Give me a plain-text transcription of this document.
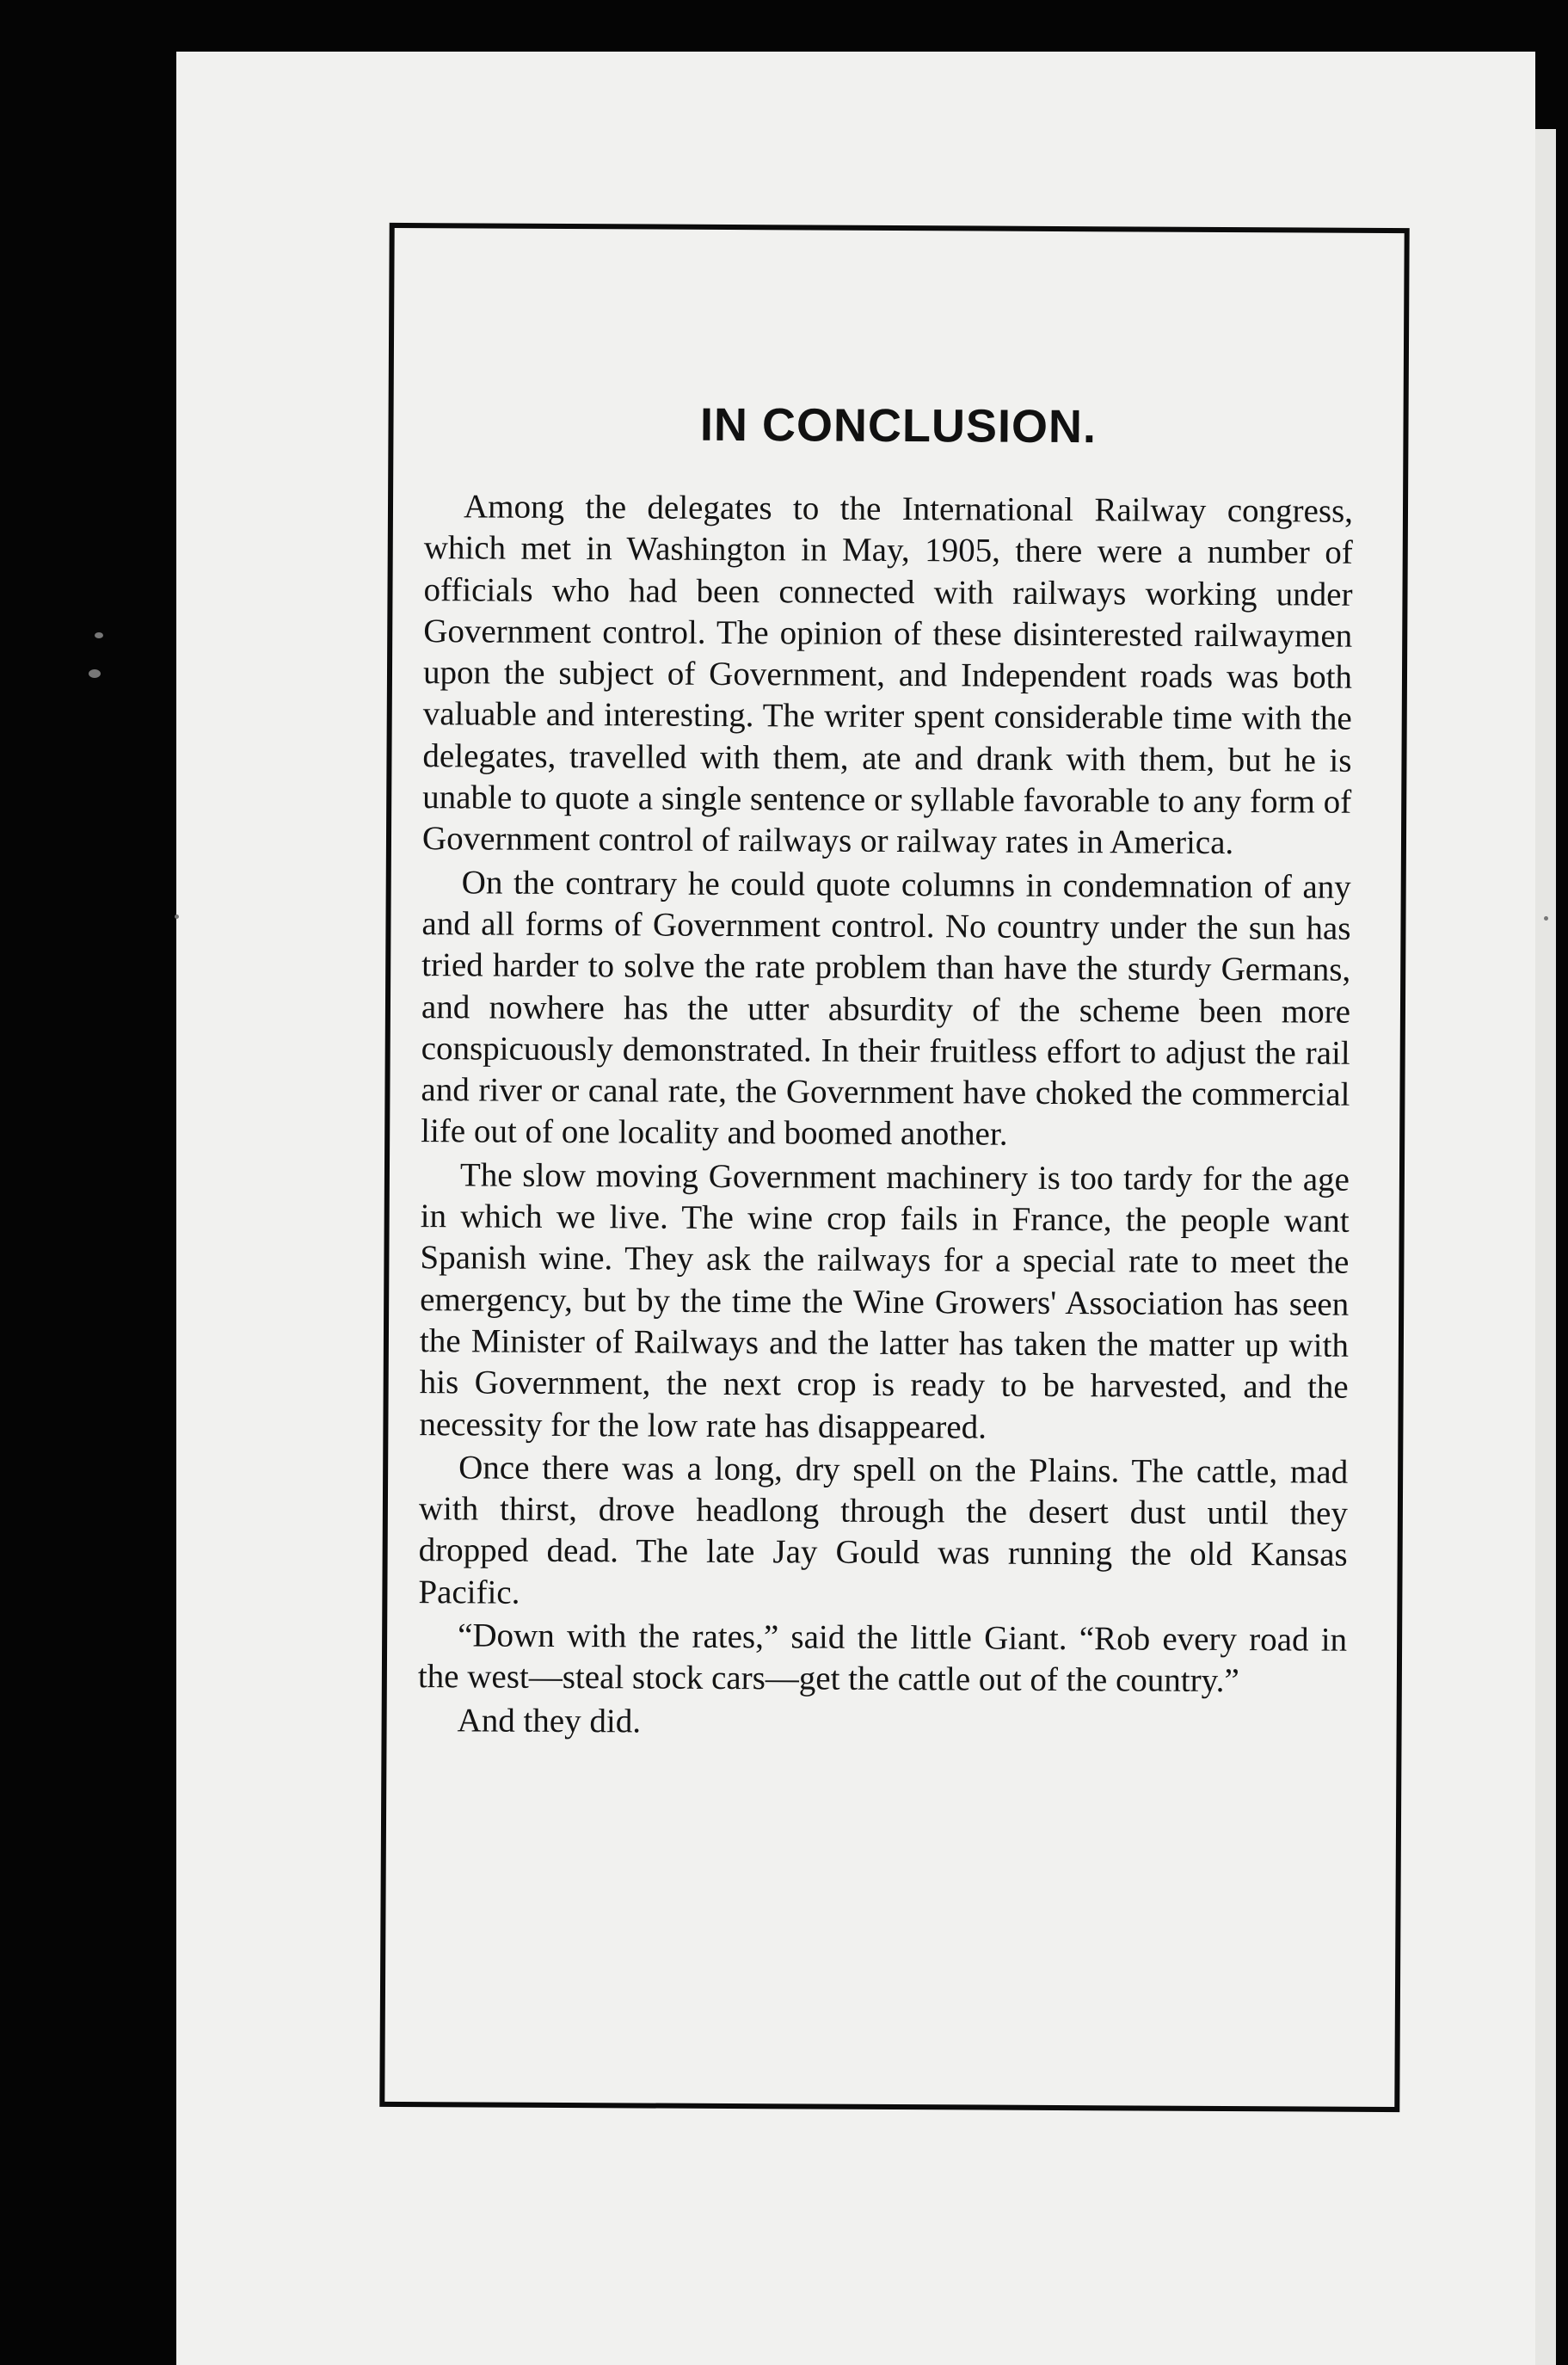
IN CONCLUSION.

Among the delegates to the International Railway congress, which met in Washington in May, 1905, there were a number of officials who had been connected with railways working under Government control. The opinion of these disinterested railwaymen upon the subject of Government, and Independent roads was both valuable and interesting. The writer spent considerable time with the delegates, travelled with them, ate and drank with them, but he is unable to quote a single sentence or syllable favorable to any form of Government control of railways or railway rates in America.

On the contrary he could quote columns in condemnation of any and all forms of Government control. No country under the sun has tried harder to solve the rate problem than have the sturdy Germans, and nowhere has the utter absurdity of the scheme been more conspicuously demonstrated. In their fruitless effort to adjust the rail and river or canal rate, the Government have choked the commercial life out of one locality and boomed another.

The slow moving Government machinery is too tardy for the age in which we live. The wine crop fails in France, the people want Spanish wine. They ask the railways for a special rate to meet the emergency, but by the time the Wine Growers' Association has seen the Minister of Railways and the latter has taken the matter up with his Government, the next crop is ready to be harvested, and the necessity for the low rate has disappeared.

Once there was a long, dry spell on the Plains. The cattle, mad with thirst, drove headlong through the desert dust until they dropped dead. The late Jay Gould was running the old Kansas Pacific.

“Down with the rates,” said the little Giant. “Rob every road in the west—steal stock cars—get the cattle out of the country.”

And they did.
